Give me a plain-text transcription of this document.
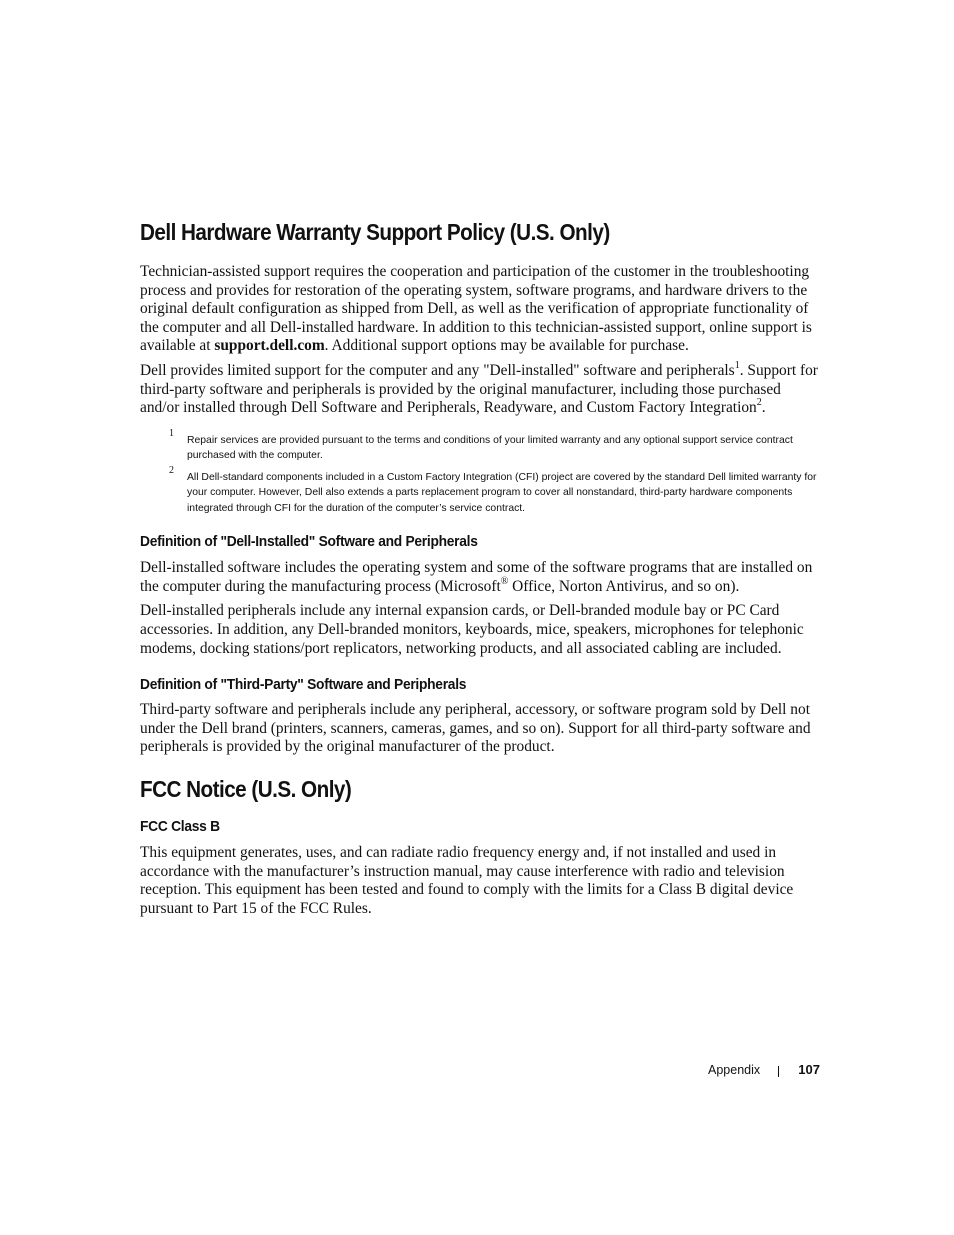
Dell Hardware Warranty Support Policy (U.S. Only)

Technician-assisted support requires the cooperation and participation of the customer in the troubleshooting process and provides for restoration of the operating system, software programs, and hardware drivers to the original default configuration as shipped from Dell, as well as the verification of appropriate functionality of the computer and all Dell-installed hardware. In addition to this technician-assisted support, online support is available at support.dell.com. Additional support options may be available for purchase.

Dell provides limited support for the computer and any "Dell-installed" software and peripherals$^1$. Support for third-party software and peripherals is provided by the original manufacturer, including those purchased and/or installed through Dell Software and Peripherals, Readyware, and Custom Factory Integration$^2$.

1
Repair services are provided pursuant to the terms and conditions of your limited warranty and any optional support service contract purchased with the computer.

2
All Dell-standard components included in a Custom Factory Integration (CFI) project are covered by the standard Dell limited warranty for your computer. However, Dell also extends a parts replacement program to cover all nonstandard, third-party hardware components integrated through CFI for the duration of the computer’s service contract.

Definition of "Dell-Installed" Software and Peripherals

Dell-installed software includes the operating system and some of the software programs that are installed on the computer during the manufacturing process (Microsoft® Office, Norton Antivirus, and so on).

Dell-installed peripherals include any internal expansion cards, or Dell-branded module bay or PC Card accessories. In addition, any Dell-branded monitors, keyboards, mice, speakers, microphones for telephonic modems, docking stations/port replicators, networking products, and all associated cabling are included.

Definition of "Third-Party" Software and Peripherals

Third-party software and peripherals include any peripheral, accessory, or software program sold by Dell not under the Dell brand (printers, scanners, cameras, games, and so on). Support for all third-party software and peripherals is provided by the original manufacturer of the product.

FCC Notice (U.S. Only)
FCC Class B

This equipment generates, uses, and can radiate radio frequency energy and, if not installed and used in accordance with the manufacturer’s instruction manual, may cause interference with radio and television reception. This equipment has been tested and found to comply with the limits for a Class B digital device pursuant to Part 15 of the FCC Rules.

Appendix	107
